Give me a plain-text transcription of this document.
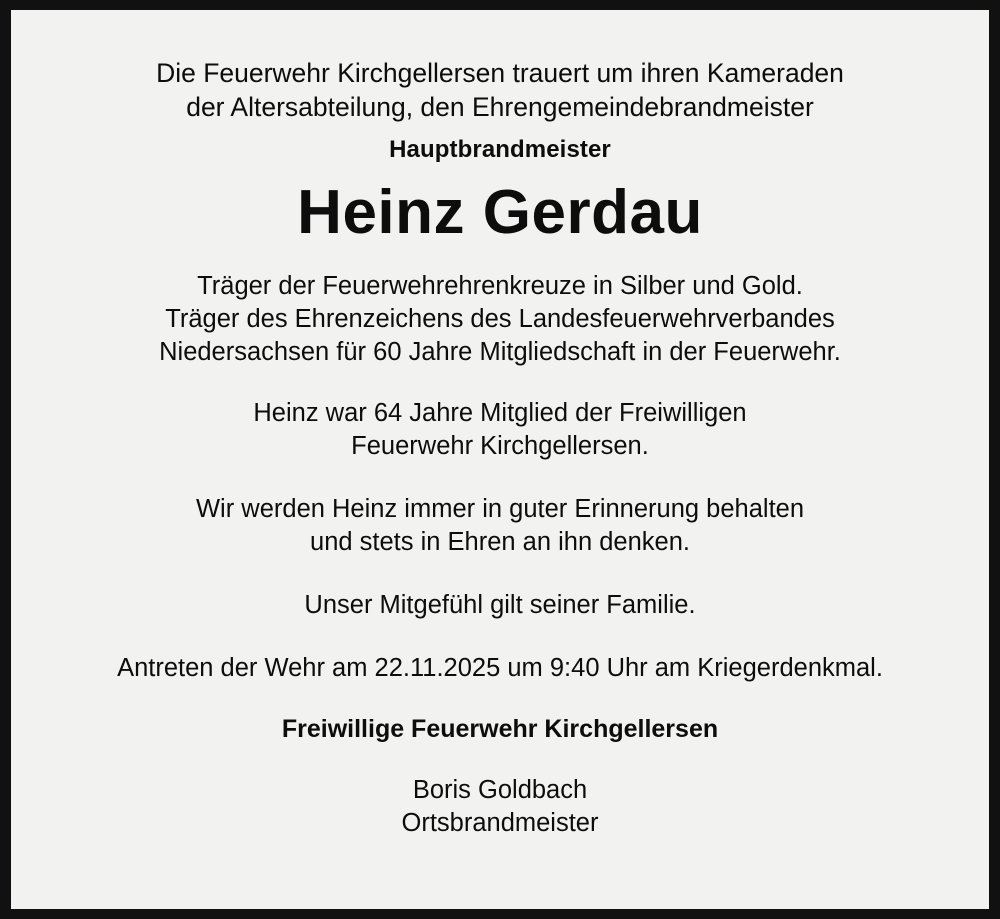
Die Feuerwehr Kirchgellersen trauert um ihren Kameraden
der Altersabteilung, den Ehrengemeindebrandmeister
Hauptbrandmeister
Heinz Gerdau
Träger der Feuerwehrehrenkreuze in Silber und Gold.
Träger des Ehrenzeichens des Landesfeuerwehrverbandes
Niedersachsen für 60 Jahre Mitgliedschaft in der Feuerwehr.
Heinz war 64 Jahre Mitglied der Freiwilligen
Feuerwehr Kirchgellersen.
Wir werden Heinz immer in guter Erinnerung behalten
und stets in Ehren an ihn denken.
Unser Mitgefühl gilt seiner Familie.
Antreten der Wehr am 22.11.2025 um 9:40 Uhr am Kriegerdenkmal.
Freiwillige Feuerwehr Kirchgellersen
Boris Goldbach
Ortsbrandmeister
